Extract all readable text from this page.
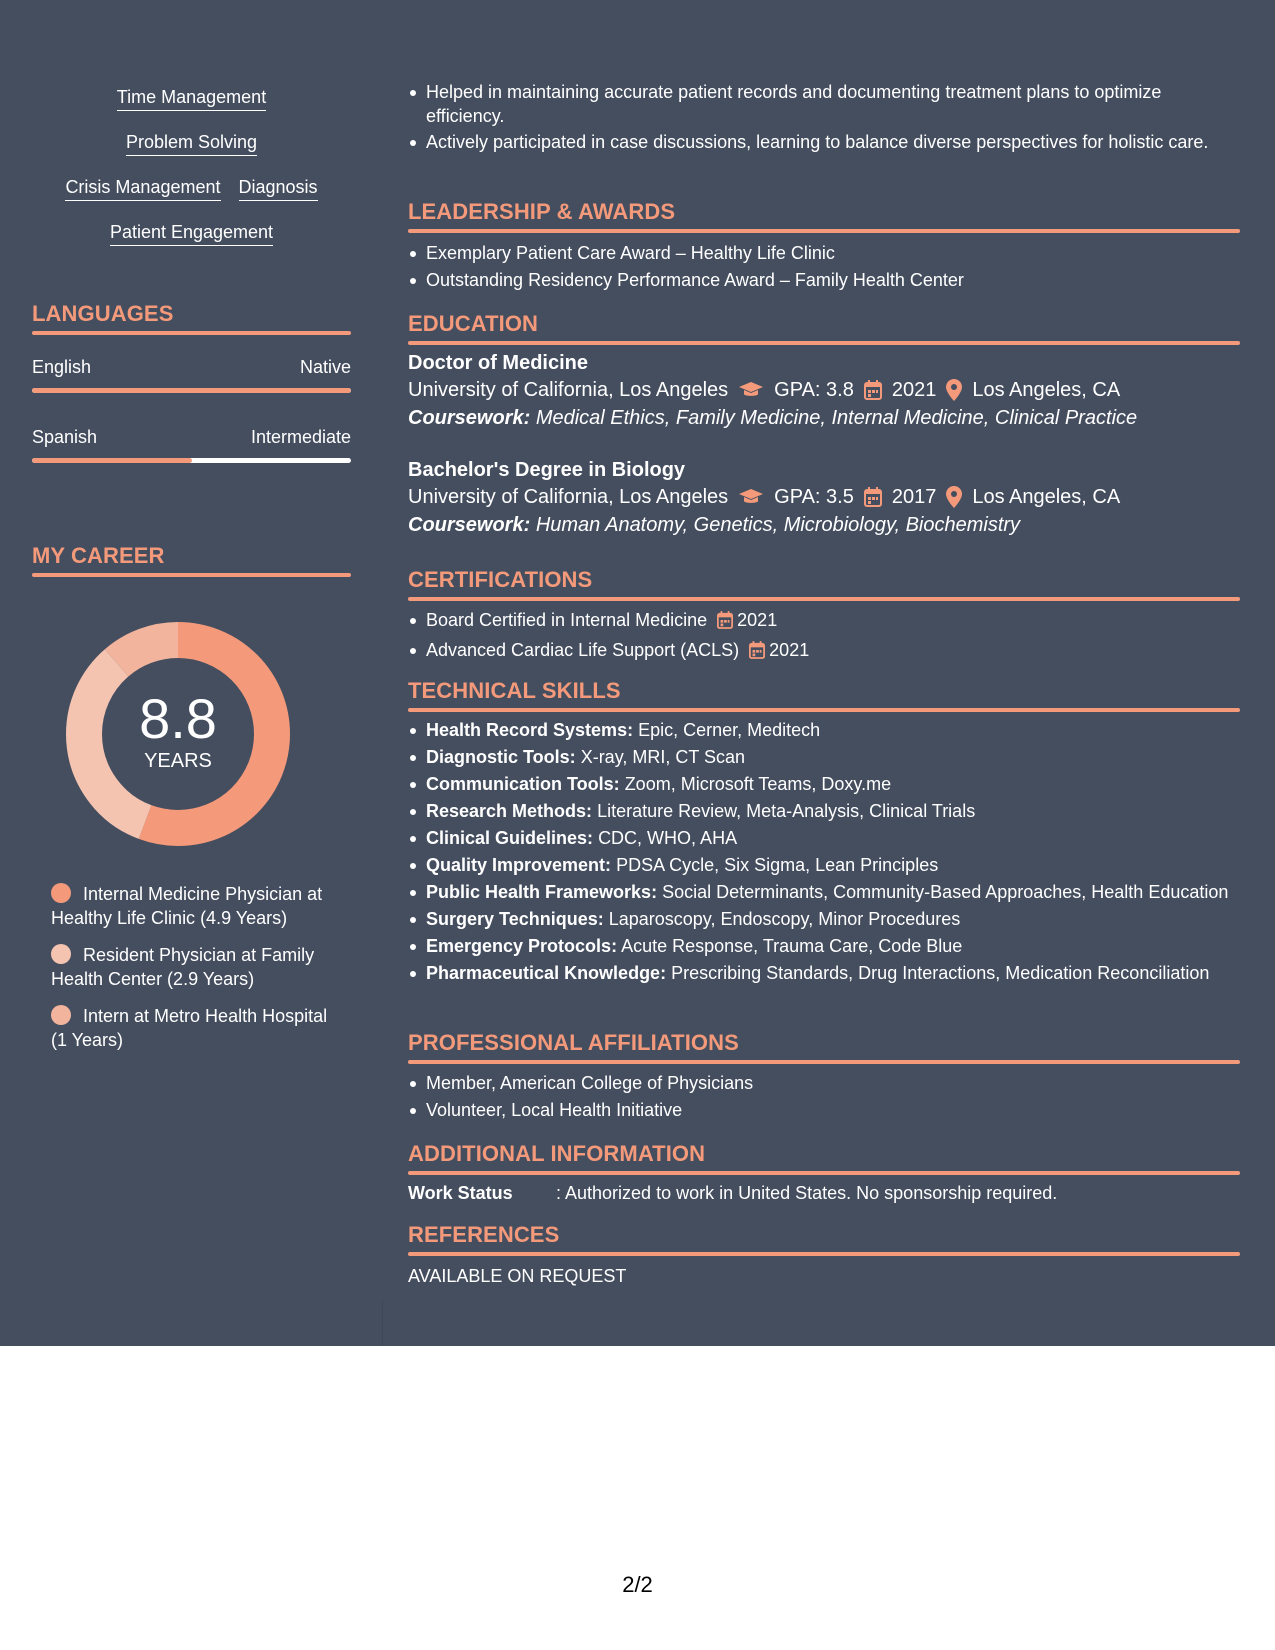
Time Management
Problem Solving
Crisis Management Diagnosis
Patient Engagement
LANGUAGES
English	Native
Spanish	Intermediate
MY CAREER
8.8
YEARS
Internal Medicine Physician at Healthy Life Clinic (4.9 Years)
Resident Physician at Family Health Center (2.9 Years)
Intern at Metro Health Hospital (1 Years)
Helped in maintaining accurate patient records and documenting treatment plans to optimize efficiency.
Actively participated in case discussions, learning to balance diverse perspectives for holistic care.
LEADERSHIP & AWARDS
Exemplary Patient Care Award – Healthy Life Clinic
Outstanding Residency Performance Award – Family Health Center
EDUCATION
Doctor of Medicine
University of California, Los Angeles GPA: 3.8 2021 Los Angeles, CA
Coursework: Medical Ethics, Family Medicine, Internal Medicine, Clinical Practice
Bachelor's Degree in Biology
University of California, Los Angeles GPA: 3.5 2017 Los Angeles, CA
Coursework: Human Anatomy, Genetics, Microbiology, Biochemistry
CERTIFICATIONS
Board Certified in Internal Medicine 2021
Advanced Cardiac Life Support (ACLS) 2021
TECHNICAL SKILLS
Health Record Systems: Epic, Cerner, Meditech
Diagnostic Tools: X-ray, MRI, CT Scan
Communication Tools: Zoom, Microsoft Teams, Doxy.me
Research Methods: Literature Review, Meta-Analysis, Clinical Trials
Clinical Guidelines: CDC, WHO, AHA
Quality Improvement: PDSA Cycle, Six Sigma, Lean Principles
Public Health Frameworks: Social Determinants, Community-Based Approaches, Health Education
Surgery Techniques: Laparoscopy, Endoscopy, Minor Procedures
Emergency Protocols: Acute Response, Trauma Care, Code Blue
Pharmaceutical Knowledge: Prescribing Standards, Drug Interactions, Medication Reconciliation
PROFESSIONAL AFFILIATIONS
Member, American College of Physicians
Volunteer, Local Health Initiative
ADDITIONAL INFORMATION
Work Status	: Authorized to work in United States. No sponsorship required.
REFERENCES
AVAILABLE ON REQUEST
2/2
